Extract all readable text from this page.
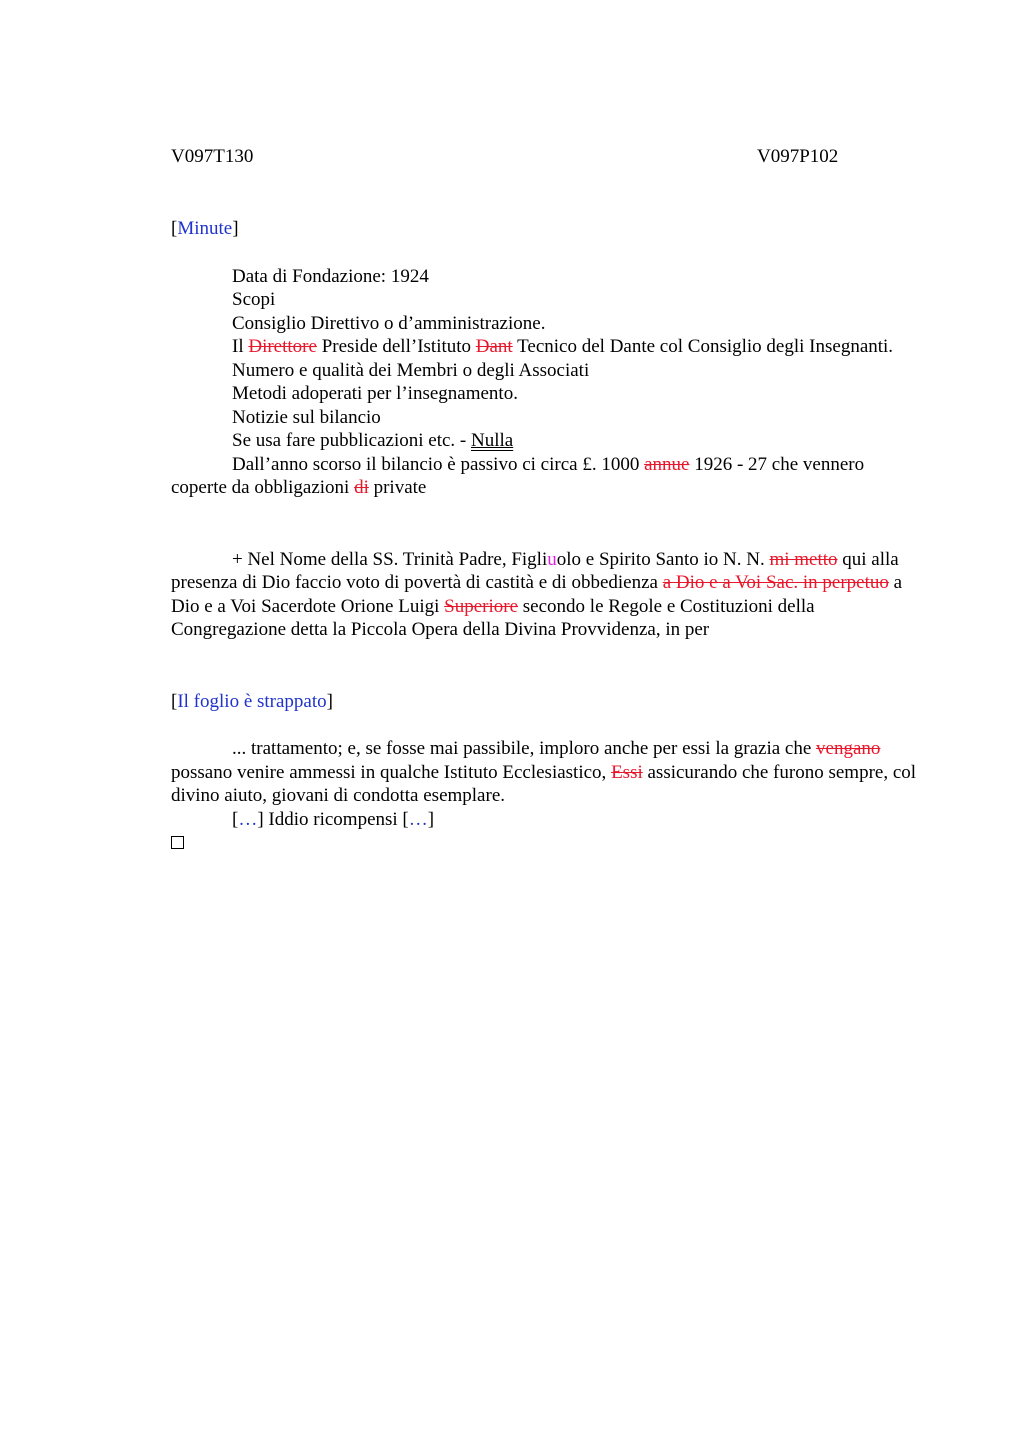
V097T130	V097P102

[Minute]

Data di Fondazione: 1924

Scopi

Consiglio Direttivo o d’amministrazione.

Il Direttore Preside dell’Istituto Dant Tecnico del Dante col Consiglio degli Insegnanti.

Numero e qualità dei Membri o degli Associati

Metodi adoperati per l’insegnamento.

Notizie sul bilancio

Se usa fare pubblicazioni etc. - Nulla

Dall’anno scorso il bilancio è passivo ci circa £. 1000 annue 1926 - 27 che vennero coperte da obbligazioni di private

+ Nel Nome della SS. Trinità Padre, Figliuolo e Spirito Santo io N. N. mi metto qui alla presenza di Dio faccio voto di povertà di castità e di obbedienza a Dio e a Voi Sac. in perpetuo a Dio e a Voi Sacerdote Orione Luigi Superiore secondo le Regole e Costituzioni della Congregazione detta la Piccola Opera della Divina Provvidenza, in per

[Il foglio è strappato]

... trattamento; e, se fosse mai passibile, imploro anche per essi la grazia che vengano possano venire ammessi in qualche Istituto Ecclesiastico, Essi assicurando che furono sempre, col divino aiuto, giovani di condotta esemplare.

[…] Iddio ricompensi […]
